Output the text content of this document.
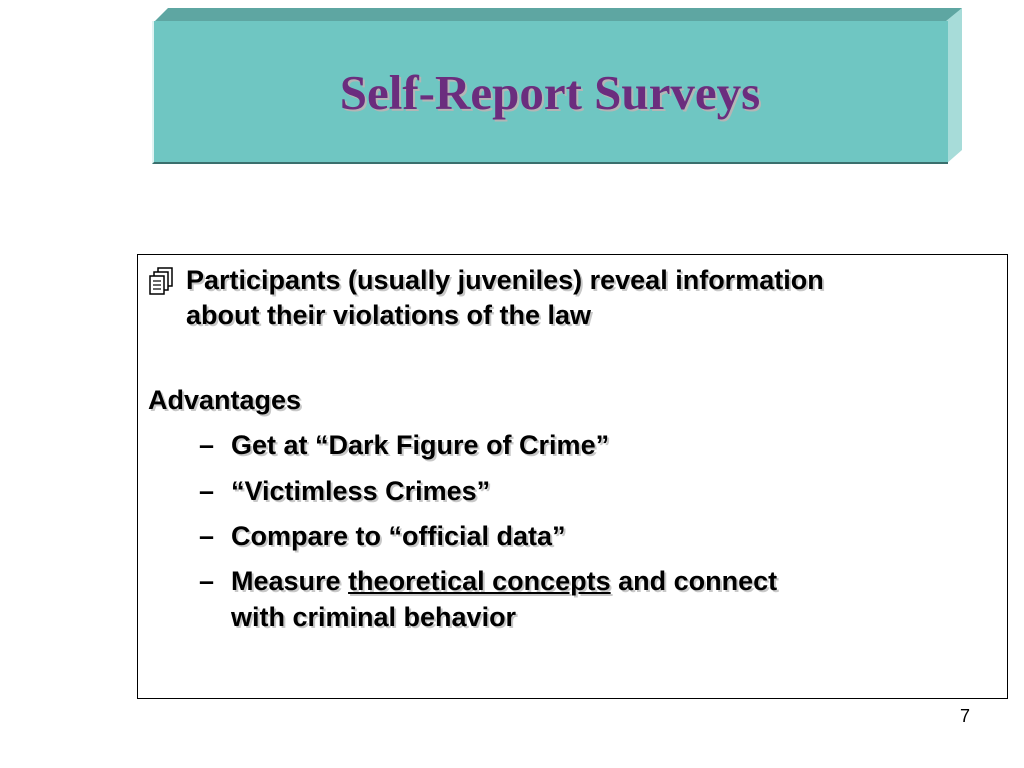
Self-Report Surveys
Participants (usually juveniles) reveal information
about their violations of the law
Advantages
– Get at “Dark Figure of Crime”
– “Victimless Crimes”
– Compare to “official data”
– Measure theoretical concepts and connect
with criminal behavior
7
